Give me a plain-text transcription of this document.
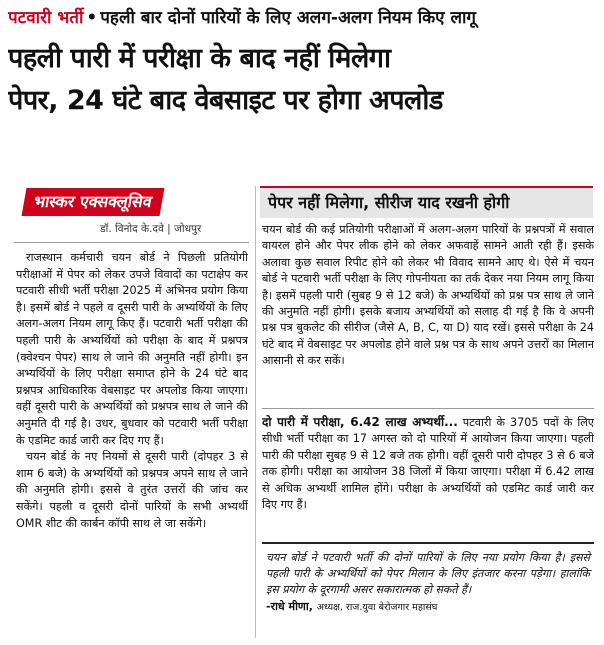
पटवारी भर्ती • पहली बार दोनों पारियों के लिए अलग-अलग नियम किए लागू
पहली पारी में परीक्षा के बाद नहीं मिलेगा
पेपर, 24 घंटे बाद वेबसाइट पर होगा अपलोड
भास्कर एक्सक्लूसिव
डॉ. विनोद के.दवे | जोधपुर

राजस्थान कर्मचारी चयन बोर्ड ने पिछली प्रतियोगी परीक्षाओं में पेपर को लेकर उपजे विवादों का पटाक्षेप कर पटवारी सीधी भर्ती परीक्षा 2025 में अभिनव प्रयोग किया है। इसमें बोर्ड ने पहले व दूसरी पारी के अभ्यर्थियों के लिए अलग-अलग नियम लागू किए हैं। पटवारी भर्ती परीक्षा की पहली पारी के अभ्यर्थियों को परीक्षा के बाद में प्रश्नपत्र (क्वेश्चन पेपर) साथ ले जाने की अनुमति नहीं होगी। इन अभ्यर्थियों के लिए परीक्षा समाप्त होने के 24 घंटे बाद प्रश्नपत्र आधिकारिक वेबसाइट पर अपलोड किया जाएगा। वहीं दूसरी पारी के अभ्यर्थियों को प्रश्नपत्र साथ ले जाने की अनुमति दी गई है। उधर, बुधवार को पटवारी भर्ती परीक्षा के एडमिट कार्ड जारी कर दिए गए हैं।

चयन बोर्ड के नए नियमों से दूसरी पारी (दोपहर 3 से शाम 6 बजे) के अभ्यर्थियों को प्रश्नपत्र अपने साथ ले जाने की अनुमति होगी। इससे वे तुरंत उत्तरों की जांच कर सकेंगे। पहली व दूसरी दोनों पारियों के सभी अभ्यर्थी OMR शीट की कार्बन कॉपी साथ ले जा सकेंगे।

पेपर नहीं मिलेगा, सीरीज याद रखनी होगी

चयन बोर्ड की कई प्रतियोगी परीक्षाओं में अलग-अलग पारियों के प्रश्नपत्रों में सवाल वायरल होने और पेपर लीक होने को लेकर अफवाहें सामने आती रही हैं। इसके अलावा कुछ सवाल रिपीट होने को लेकर भी विवाद सामने आए थे। ऐसे में चयन बोर्ड ने पटवारी भर्ती परीक्षा के लिए गोपनीयता का तर्क देकर नया नियम लागू किया है। इसमें पहली पारी (सुबह 9 से 12 बजे) के अभ्यर्थियों को प्रश्न पत्र साथ ले जाने की अनुमति नहीं होगी। इसके बजाय अभ्यर्थियों को सलाह दी गई है कि वे अपनी प्रश्न पत्र बुकलेट की सीरीज (जैसे A, B, C, या D) याद रखें। इससे परीक्षा के 24 घंटे बाद में वेबसाइट पर अपलोड होने वाले प्रश्न पत्र के साथ अपने उत्तरों का मिलान आसानी से कर सकें।

दो पारी में परीक्षा, 6.42 लाख अभ्यर्थी... पटवारी के 3705 पदों के लिए सीधी भर्ती परीक्षा का 17 अगस्त को दो पारियों में आयोजन किया जाएगा। पहली पारी की परीक्षा सुबह 9 से 12 बजे तक होगी। वहीं दूसरी पारी दोपहर 3 से 6 बजे तक होगी। परीक्षा का आयोजन 38 जिलों में किया जाएगा। परीक्षा में 6.42 लाख से अधिक अभ्यर्थी शामिल होंगे। परीक्षा के अभ्यर्थियों को एडमिट कार्ड जारी कर दिए गए हैं।

चयन बोर्ड ने पटवारी भर्ती की दोनों पारियों के लिए नया प्रयोग किया है। इससे पहली पारी के अभ्यर्थियों को पेपर मिलान के लिए इंतजार करना पड़ेगा। हालांकि इस प्रयोग के दूरगामी असर सकारात्मक हो सकते हैं।

-राधे मीणा, अध्यक्ष, राज.युवा बेरोजगार महासंघ
